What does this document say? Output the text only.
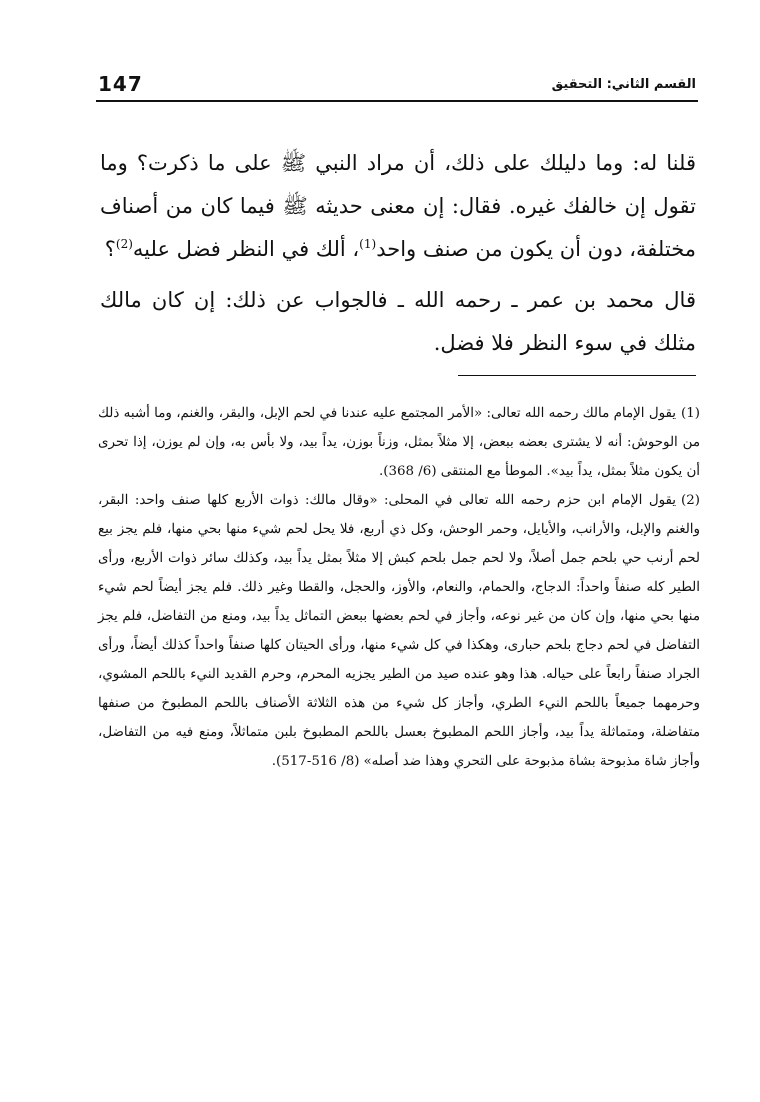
147	القسم الثاني: التحقيق

قلنا له: وما دليلك على ذلك، أن مراد النبي ﷺ على ما ذكرت؟ وما تقول إن خالفك غيره. فقال: إن معنى حديثه ﷺ فيما كان من أصناف مختلفة، دون أن يكون من صنف واحد$^{(1)}$، ألك في النظر فضل عليه$^{(2)}$؟

قال محمد بن عمر ـ رحمه الله ـ فالجواب عن ذلك: إن كان مالك مثلك في سوء النظر فلا فضل.

(1)يقول الإمام مالك رحمه الله تعالى: «الأمر المجتمع عليه عندنا في لحم الإبل، والبقر، والغنم، وما أشبه ذلك من الوحوش: أنه لا يشترى بعضه ببعض، إلا مثلاً بمثل، وزناً بوزن، يداً بيد، ولا بأس به، وإن لم يوزن، إذا تحرى أن يكون مثلاً بمثل، يداً بيد».الموطأ مع المنتقى (6/ 368).

(2)يقول الإمام ابن حزم رحمه الله تعالى في المحلى: «وقال مالك: ذوات الأربع كلها صنف واحد: البقر، والغنم والإبل، والأرانب، والأيايل، وحمر الوحش، وكل ذي أربع، فلا يحل لحم شيء منها بحي منها، فلم يجز بيع لحم أرنب حي بلحم جمل أصلاً، ولا لحم جمل بلحم كبش إلا مثلاً بمثل يداً بيد، وكذلك سائر ذوات الأربع، ورأى الطير كله صنفاً واحداً: الدجاج، والحمام، والنعام، والأوز، والحجل، والقطا وغير ذلك. فلم يجز أيضاً لحم شيء منها بحي منها، وإن كان من غير نوعه، وأجاز في لحم بعضها ببعض التماثل يداً بيد، ومنع من التفاضل، فلم يجز التفاضل في لحم دجاج بلحم حبارى، وهكذا في كل شيء منها، ورأى الحيتان كلها صنفاً واحداً كذلك أيضاً، ورأى الجراد صنفاً رابعاً على حياله. هذا وهو عنده صيد من الطير يجزيه المحرم، وحرم القديد النيء باللحم المشوي، وحرمهما جميعاً باللحم النيء الطري، وأجاز كل شيء من هذه الثلاثة الأصناف باللحم المطبوخ من صنفها متفاضلة، ومتماثلة يداً بيد، وأجاز اللحم المطبوخ بعسل باللحم المطبوخ بلبن متماثلاً، ومنع فيه من التفاضل، وأجاز شاة مذبوحة بشاة مذبوحة على التحري وهذا ضد أصله»(8/ 516-517).
